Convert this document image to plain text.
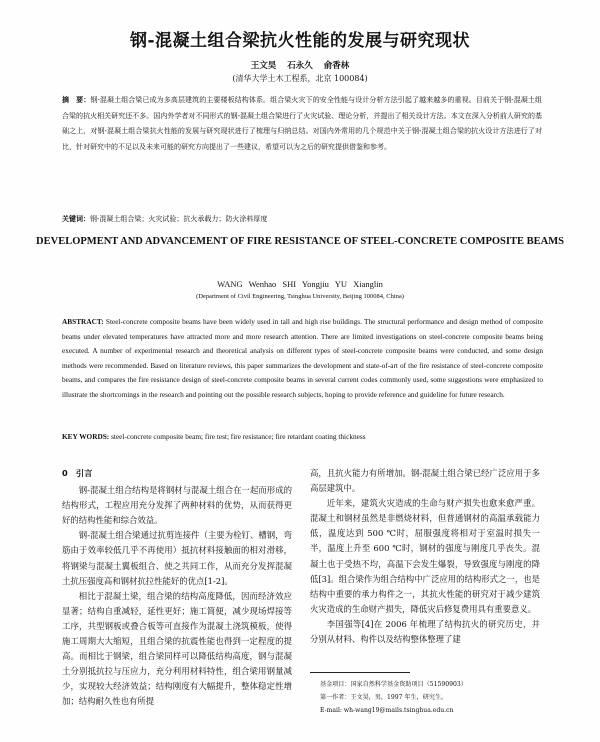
钢-混凝土组合梁抗火性能的发展与研究现状
王文昊 石永久 俞香林
(清华大学土木工程系，北京 100084)
摘　要：钢-混凝土组合梁已成为多高层建筑的主要楼板结构体系。组合梁火灾下的安全性能与设计分析方法引起了越来越多的重视。目前关于钢-混凝土组合梁的抗火相关研究还不多。国内外学者对不同形式的钢-混凝土组合梁进行了火灾试验、理论分析，并提出了相关设计方法。本文在深入分析前人研究的基础之上，对钢-混凝土组合梁抗火性能的发展与研究现状进行了梳理与归纳总结。对国内外常用的几个规范中关于钢-混凝土组合梁的抗火设计方法进行了对比，针对研究中的不足以及未来可能的研究方向提出了一些建议，希望可以为之后的研究提供借鉴和参考。
关键词：钢-混凝土组合梁；火灾试验；抗火承载力；防火涂料厚度
DEVELOPMENT AND ADVANCEMENT OF FIRE RESISTANCE OF STEEL-CONCRETE COMPOSITE BEAMS
WANG Wenhao SHI Yongjiu YU Xianglin
(Department of Civil Engineering, Tsinghua University, Beijing 100084, China)
ABSTRACT: Steel-concrete composite beams have been widely used in tall and high rise buildings. The structural performance and design method of composite beams under elevated temperatures have attracted more and more research attention. There are limited investigations on steel-concrete composite beams being executed. A number of experimental research and theoretical analysis on different types of steel-concrete composite beams were conducted, and some design methods were recommended. Based on literature reviews, this paper summarizes the development and state-of-art of the fire resistance of steel-concrete composite beams, and compares the fire resistance design of steel-concrete composite beams in several current codes commonly used, some suggestions were emphasized to illustrate the shortcomings in the research and pointing out the possible research subjects, hoping to provide reference and guideline for future research.
KEY WORDS: steel-concrete composite beam; fire test; fire resistance; fire retardant coating thickness
0　引言

钢-混凝土组合结构是将钢材与混凝土组合在一起而形成的结构形式，工程应用充分发挥了两种材料的优势，从而获得更好的结构性能和综合效益。

钢-混凝土组合梁通过抗剪连接件（主要为栓钉、槽钢，弯筋由于效率较低几乎不再使用）抵抗材料接触面的相对滑移，将钢梁与混凝土翼板组合、使之共同工作，从而充分发挥混凝土抗压强度高和钢材抗拉性能好的优点[1-2]。

相比于混凝土梁，组合梁的结构高度降低，因而经济效应显著；结构自重减轻，延性更好；施工简便，减少现场焊接等工序，共型钢板或叠合板等可直接作为混凝土浇筑模板，使得施工周期大大缩短，且组合梁的抗震性能也得到一定程度的提高。而相比于钢梁，组合梁同样可以降低结构高度，钢与混凝土分别抵抗拉与压应力，充分利用材料特性，组合梁用钢量减少，实现较大经济效益；结构刚度有大幅提升，整体稳定性增加；结构耐久性也有所提

高，且抗火能力有所增加。钢-混凝土组合梁已经广泛应用于多高层建筑中。

近年来，建筑火灾造成的生命与财产损失也愈来愈严重。混凝土和钢材虽然是非燃烧材料，但普通钢材的高温承载能力低，温度达到 500 ℃时，屈服强度将相对于室温时损失一半，温度上升至 600 ℃时，钢材的强度与刚度几乎丧失。混凝土也于受热不均，高温下会发生爆裂，导致强度与刚度的降低[3]。组合梁作为组合结构中广泛应用的结构形式之一，也是结构中重要的承力构件之一，其抗火性能的研究对于减少建筑火灾造成的生命财产损失，降低灾后修复费用具有重要意义。

李国强等[4]在 2006 年梳理了结构抗火的研究历史，并分别从材料、构件以及结构整体整理了建

基金项目：国家自然科学基金资助项目（51590903）
第一作者：王文昊，男，1997 年生，研究生。
E-mail: wh-wang19@mails.tsinghua.edu.cn
